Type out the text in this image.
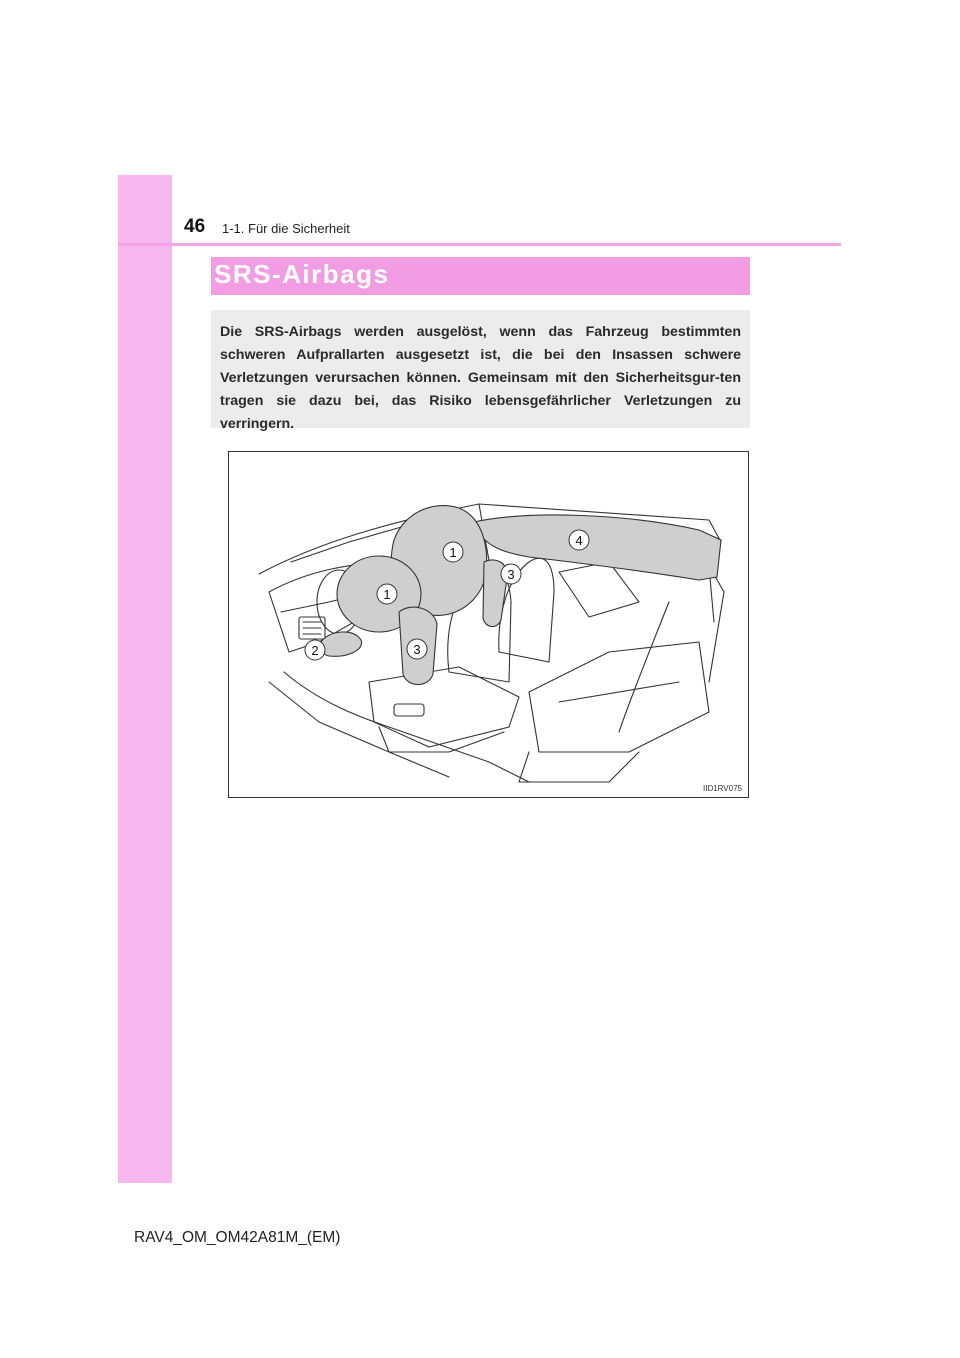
46 1-1. Für die Sicherheit
SRS-Airbags

Die SRS-Airbags werden ausgelöst, wenn das Fahrzeug bestimmten schweren Aufprallarten ausgesetzt ist, die bei den Insassen schwere Verletzungen verursachen können. Gemeinsam mit den Sicherheitsgur-ten tragen sie dazu bei, das Risiko lebensgefährlicher Verletzungen zu verringern.

1
1
2	3
3
4
IID1RV075
RAV4_OM_OM42A81M_(EM)
